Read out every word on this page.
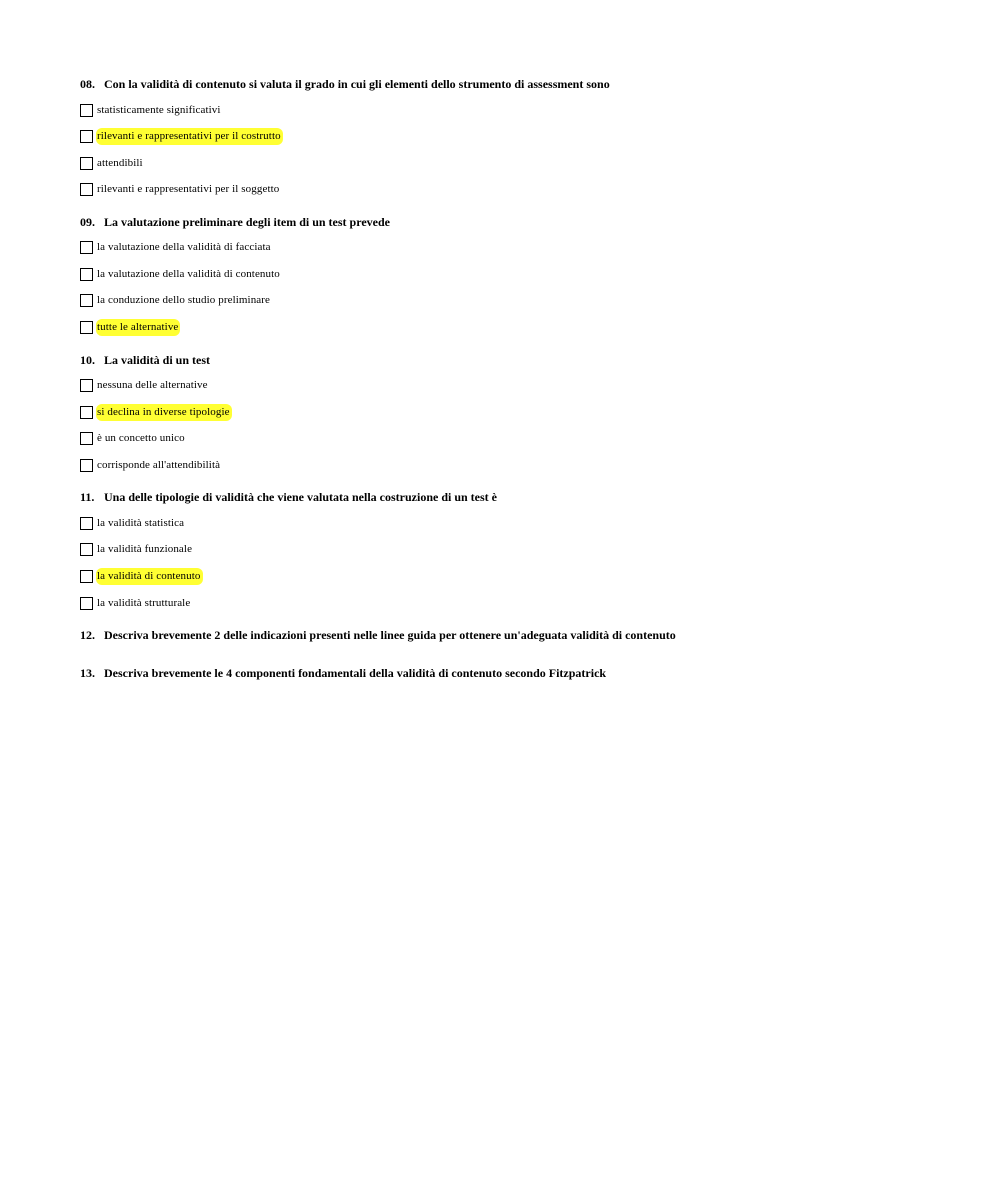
08. Con la validità di contenuto si valuta il grado in cui gli elementi dello strumento di assessment sono
statisticamente significativi
rilevanti e rappresentativi per il costrutto
attendibili
rilevanti e rappresentativi per il soggetto
09. La valutazione preliminare degli item di un test prevede
la valutazione della validità di facciata
la valutazione della validità di contenuto
la conduzione dello studio preliminare
tutte le alternative
10. La validità di un test
nessuna delle alternative
si declina in diverse tipologie
è un concetto unico
corrisponde all'attendibilità
11. Una delle tipologie di validità che viene valutata nella costruzione di un test è
la validità statistica
la validità funzionale
la validità di contenuto
la validità strutturale
12. Descriva brevemente 2 delle indicazioni presenti nelle linee guida per ottenere un'adeguata validità di contenuto
13. Descriva brevemente le 4 componenti fondamentali della validità di contenuto secondo Fitzpatrick
